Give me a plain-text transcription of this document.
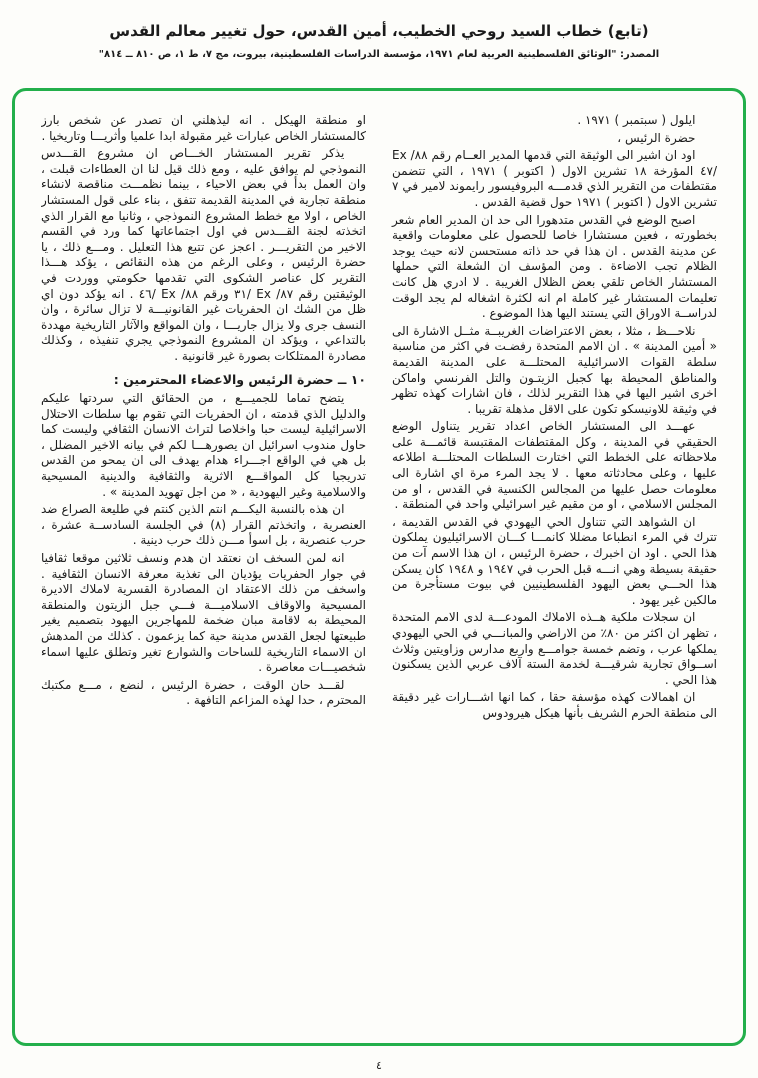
(تابع) خطاب السيد روحي الخطيب، أمين القدس، حول تغيير معالم القدس
المصدر: "الوثائق الفلسطينية العربية لعام ١٩٧١، مؤسسة الدراسات الفلسطينية، بيروت، مج ٧، ط ١، ص ٨١٠ ــ ٨١٤"

ايلول ( سبتمبر ) ١٩٧١ .

حضرة الرئيس ،

اود ان اشير الى الوثيقة التي قدمها المدير العــام رقم ٨٨/ Ex /٤٧ المؤرخة ١٨ تشرين الاول ( اكتوبر ) ١٩٧١ ، التي تتضمن مقتطفات من التقرير الذي قدمـــه البروفيسور رايموند لامير في ٧ تشرين الاول ( اكتوبر ) ١٩٧١ حول قضية القدس .

اصبح الوضع في القدس متدهورا الى حد ان المدير العام شعر بخطورته ، فعين مستشارا خاصا للحصول على معلومات واقعية عن مدينة القدس . ان هذا في حد ذاته مستحسن لانه حيث يوجد الظلام تجب الاضاءة . ومن المؤسف ان الشعلة التي حملها المستشار الخاص تلقي بعض الظلال الغريبة . لا ادري هل كانت تعليمات المستشار غير كاملة ام انه لكثرة اشغاله لم يجد الوقت لدراســة الاوراق التي يستند اليها هذا الموضوع .

نلاحـــظ ، مثلا ، بعض الاعتراضات الغريبــة مثــل الاشارة الى « أمين المدينة » . ان الامم المتحدة رفضـت في اكثر من مناسبة سلطة القوات الاسرائيلية المحتلـــة على المدينة القديمة والمناطق المحيطة بها كجبل الزيتـون والتل الفرنسي واماكن اخرى اشير اليها في هذا التقرير لذلك ، فان اشارات كهذه تظهر في وثيقة للاونيسكو تكون على الاقل مذهلة تقريبا .

عهـــد الى المستشار الخاص اعداد تقرير يتناول الوضع الحقيقي في المدينة ، وكل المقتطفات المقتبسة قائمـــة على ملاحظاته على الخطط التي اختارت السلطات المحتلـــة اطلاعه عليها ، وعلى محادثاته معها . لا يجد المرء مرة اي اشارة الى معلومات حصل عليها من المجالس الكنسية في القدس ، او من المجلس الاسلامي ، او من مقيم غير اسرائيلي واحد في المنطقة .

ان الشواهد التي تتناول الحي اليهودي في القدس القديمة ، تترك في المرء انطباعا مضللا كانمـــا كـــان الاسرائيليون يملكون هذا الحي . اود ان اخبرك ، حضرة الرئيس ، ان هذا الاسم آت من حقيقة بسيطة وهي انـــه قبل الحرب في ١٩٤٧ و ١٩٤٨ كان يسكن هذا الحـــي بعض اليهود الفلسطينيين في بيوت مستأجرة من مالكين غير يهود .

ان سجلات ملكية هــذه الاملاك المودعـــة لدى الامم المتحدة ، تظهر ان اكثر من ٨٠٪ من الاراضي والمبانـــي في الحي اليهودي يملكها عرب ، وتضم خمسة جوامـــع واربع مدارس وزاويتين وثلاث اســواق تجارية شرقيـــة لخدمة الستة آلاف عربي الذين يسكنون هذا الحي .

ان اهمالات كهذه مؤسفة حقا ، كما انها اشـــارات غير دقيقة الى منطقة الحرم الشريف بأنها هيكل هيرودوس

او منطقة الهيكل . انه ليذهلني ان تصدر عن شخص بارز كالمستشار الخاص عبارات غير مقبولة ابدا علميا وأثريـــا وتاريخيا .

يذكر تقرير المستشار الخـــاص ان مشروع القـــدس النموذجي لم يوافق عليه ، ومع ذلك قيل لنا ان العطاءات قبلت ، وان العمل بدأ في بعض الاحياء ، بينما نظمـــت مناقصة لانشاء منطقة تجارية في المدينة القديمة تتفق ، بناء على قول المستشار الخاص ، اولا مع خطط المشروع النموذجي ، وثانيا مع القرار الذي اتخذته لجنة القـــدس في اول اجتماعاتها كما ورد في القسم الاخير من التقريـــر . اعجز عن تتبع هذا التعليل . ومـــع ذلك ، يا حضرة الرئيس ، وعلى الرغم من هذه النقائص ، يؤكد هـــذا التقرير كل عناصر الشكوى التي تقدمها حكومتي ووردت في الوثيقتين رقم ٨٧/ Ex /٣١ ورقم ٨٨/ Ex /٤٦ . انه يؤكد دون اي ظل من الشك ان الحفريات غير القانونيـــة لا تزال سائرة ، وان النسف جرى ولا يزال جاريـــا ، وان المواقع والآثار التاريخية مهددة بالتداعي ، ويؤكد ان المشروع النموذجي يجري تنفيذه ، وكذلك مصادرة الممتلكات بصورة غير قانونية .

١٠ ــ حضرة الرئيس والاعضاء المحترمين :

يتضح تماما للجميـــع ، من الحقائق التي سردتها عليكم والدليل الذي قدمته ، ان الحفريات التي تقوم بها سلطات الاحتلال الاسرائيلية ليست حبا واخلاصا لتراث الانسان الثقافي وليست كما حاول مندوب اسرائيل ان يصورهـــا لكم في بيانه الاخير المضلل ، بل هي في الواقع اجـــراء هدام يهدف الى ان يمحو من القدس تدريجيا كل المواقـــع الاثرية والثقافية والدينية المسيحية والاسلامية وغير اليهودية ، « من اجل تهويد المدينة » .

ان هذه بالنسبة اليكـــم انتم الذين كنتم في طليعة الصراع ضد العنصرية ، واتخذتم القرار (٨) في الجلسة السادســة عشرة ، حرب عنصرية ، بل اسوأ مـــن ذلك حرب دينية .

انه لمن السخف ان نعتقد ان هدم ونسف ثلاثين موقعا ثقافيا في جوار الحفريات يؤديان الى تغذية معرفة الانسان الثقافية . واسخف من ذلك الاعتقاد ان المصادرة القسرية لاملاك الاديرة المسيحية والاوقاف الاسلاميـــة فـــي جبل الزيتون والمنطقة المحيطة به لاقامة مبان ضخمة للمهاجرين اليهود بتصميم يغير طبيعتها لجعل القدس مدينة حية كما يزعمون . كذلك من المدهش ان الاسماء التاريخية للساحات والشوارع تغير وتطلق عليها اسماء شخصيـــات معاصرة .

لقـــد حان الوقت ، حضرة الرئيس ، لنضع ، مـــع مكتبك المحترم ، حدا لهذه المزاعم التافهة .

٤
